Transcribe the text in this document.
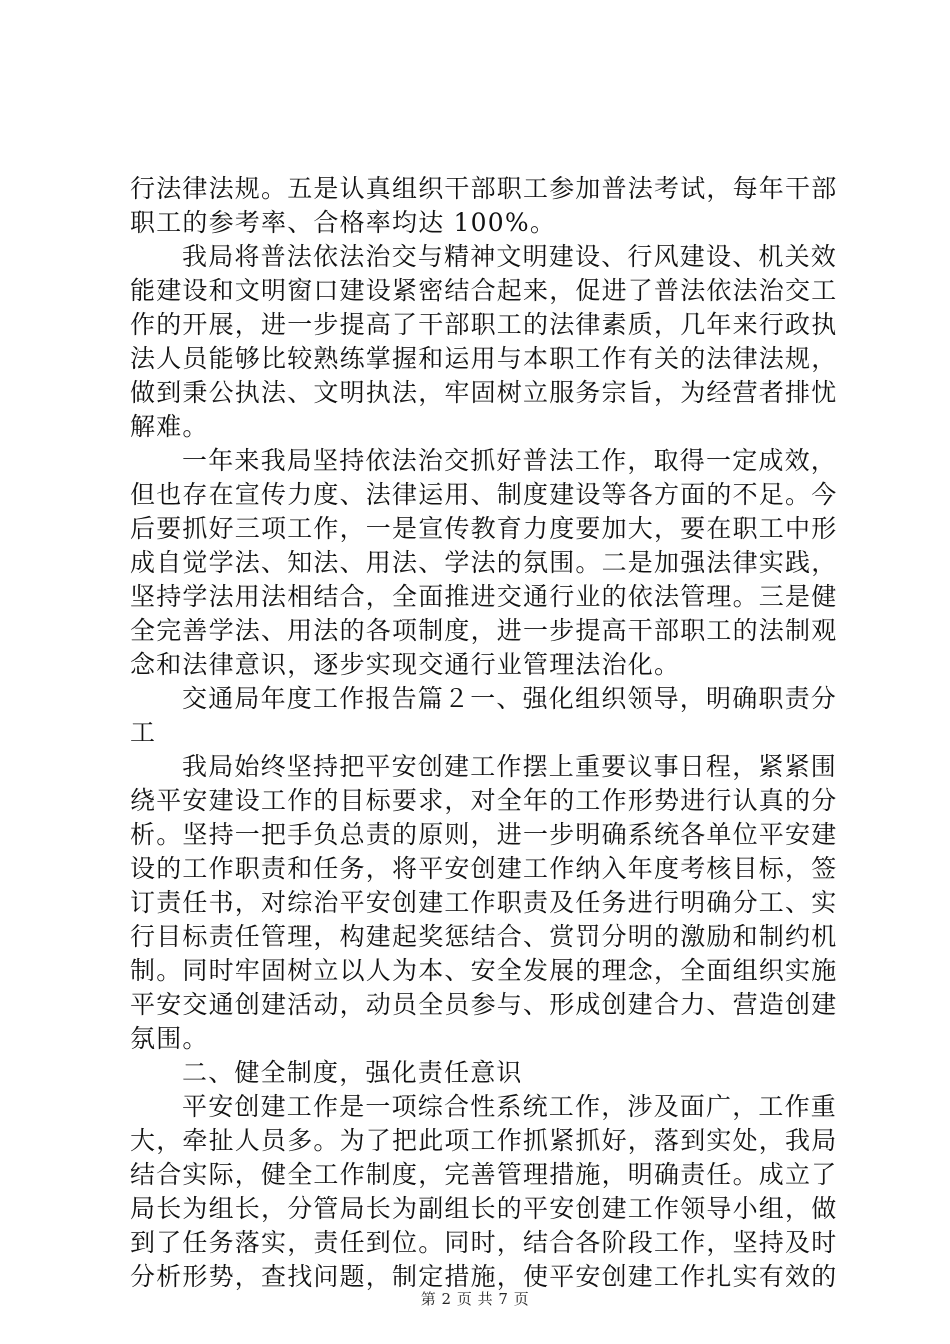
行法律法规。五是认真组织干部职工参加普法考试，每年干部
职工的参考率、合格率均达 100%。
我局将普法依法治交与精神文明建设、行风建设、机关效
能建设和文明窗口建设紧密结合起来，促进了普法依法治交工
作的开展，进一步提高了干部职工的法律素质，几年来行政执
法人员能够比较熟练掌握和运用与本职工作有关的法律法规，
做到秉公执法、文明执法，牢固树立服务宗旨，为经营者排忧
解难。
一年来我局坚持依法治交抓好普法工作，取得一定成效，
但也存在宣传力度、法律运用、制度建设等各方面的不足。今
后要抓好三项工作，一是宣传教育力度要加大，要在职工中形
成自觉学法、知法、用法、学法的氛围。二是加强法律实践，
坚持学法用法相结合，全面推进交通行业的依法管理。三是健
全完善学法、用法的各项制度，进一步提高干部职工的法制观
念和法律意识，逐步实现交通行业管理法治化。
交通局年度工作报告篇２一、强化组织领导，明确职责分
工
我局始终坚持把平安创建工作摆上重要议事日程，紧紧围
绕平安建设工作的目标要求，对全年的工作形势进行认真的分
析。坚持一把手负总责的原则，进一步明确系统各单位平安建
设的工作职责和任务，将平安创建工作纳入年度考核目标，签
订责任书，对综治平安创建工作职责及任务进行明确分工、实
行目标责任管理，构建起奖惩结合、赏罚分明的激励和制约机
制。同时牢固树立以人为本、安全发展的理念，全面组织实施
平安交通创建活动，动员全员参与、形成创建合力、营造创建
氛围。
二、健全制度，强化责任意识
平安创建工作是一项综合性系统工作，涉及面广，工作重
大，牵扯人员多。为了把此项工作抓紧抓好，落到实处，我局
结合实际，健全工作制度，完善管理措施，明确责任。成立了
局长为组长，分管局长为副组长的平安创建工作领导小组，做
到了任务落实，责任到位。同时，结合各阶段工作，坚持及时
分析形势，查找问题，制定措施，使平安创建工作扎实有效的
第 2 页 共 7 页
